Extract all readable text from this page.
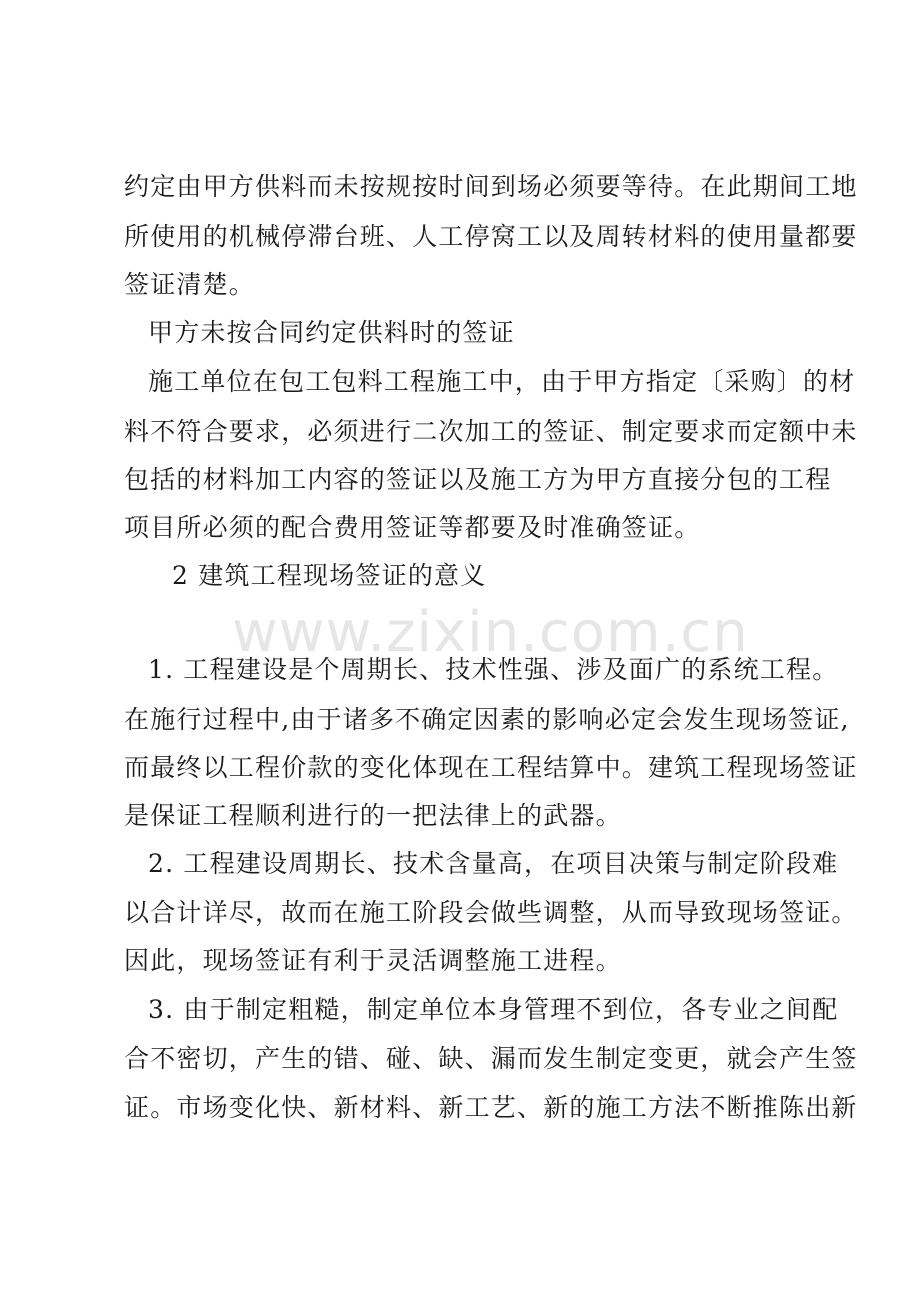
www.zixin.com.cn
约定由甲方供料而未按规按时间到场必须要等待。在此期间工地
所使用的机械停滞台班、人工停窝工以及周转材料的使用量都要
签证清楚。
甲方未按合同约定供料时的签证
施工单位在包工包料工程施工中，由于甲方指定〔采购〕的材
料不符合要求，必须进行二次加工的签证、制定要求而定额中未
包括的材料加工内容的签证以及施工方为甲方直接分包的工程
项目所必须的配合费用签证等都要及时准确签证。
2 建筑工程现场签证的意义
1. 工程建设是个周期长、技术性强、涉及面广的系统工程。
在施行过程中,由于诸多不确定因素的影响必定会发生现场签证,
而最终以工程价款的变化体现在工程结算中。建筑工程现场签证
是保证工程顺利进行的一把法律上的武器。
2. 工程建设周期长、技术含量高，在项目决策与制定阶段难
以合计详尽，故而在施工阶段会做些调整，从而导致现场签证。
因此，现场签证有利于灵活调整施工进程。
3. 由于制定粗糙，制定单位本身管理不到位，各专业之间配
合不密切，产生的错、碰、缺、漏而发生制定变更，就会产生签
证。市场变化快、新材料、新工艺、新的施工方法不断推陈出新
